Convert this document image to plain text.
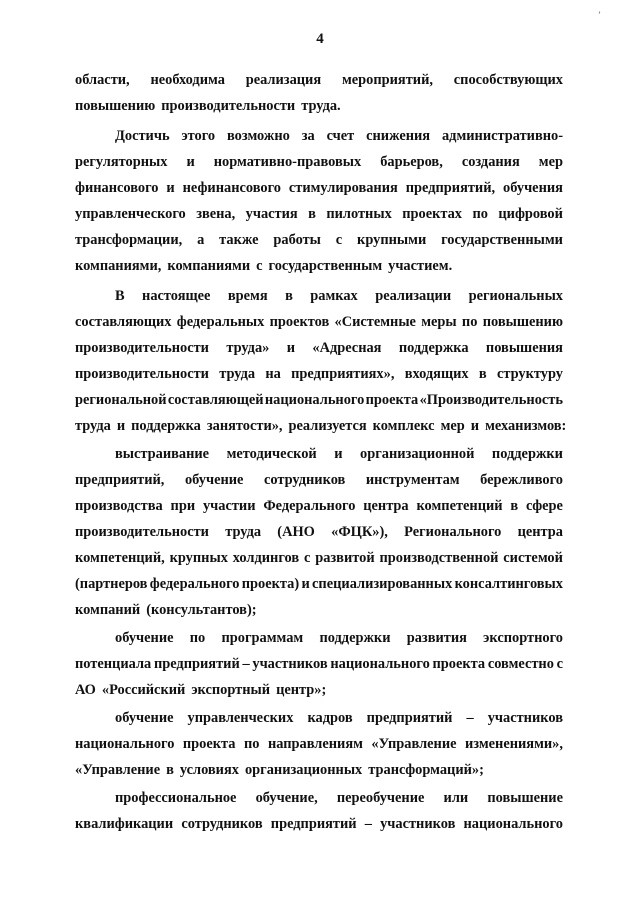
’
4
области, необходима реализация мероприятий, способствующих
повышению производительности труда.
Достичь этого возможно за счет снижения административно-
регуляторных и нормативно-правовых барьеров, создания мер
финансового и нефинансового стимулирования предприятий, обучения
управленческого звена, участия в пилотных проектах по цифровой
трансформации, а также работы с крупными государственными
компаниями, компаниями с государственным участием.
В настоящее время в рамках реализации региональных
составляющих федеральных проектов «Системные меры по повышению
производительности труда» и «Адресная поддержка повышения
производительности труда на предприятиях», входящих в структуру
региональной составляющей национального проекта «Производительность
труда и поддержка занятости», реализуется комплекс мер и механизмов:
выстраивание методической и организационной поддержки
предприятий, обучение сотрудников инструментам бережливого
производства при участии Федерального центра компетенций в сфере
производительности труда (АНО «ФЦК»), Регионального центра
компетенций, крупных холдингов с развитой производственной системой
(партнеров федерального проекта) и специализированных консалтинговых
компаний (консультантов);
обучение по программам поддержки развития экспортного
потенциала предприятий – участников национального проекта совместно с
АО «Российский экспортный центр»;
обучение управленческих кадров предприятий – участников
национального проекта по направлениям «Управление изменениями»,
«Управление в условиях организационных трансформаций»;
профессиональное обучение, переобучение или повышение
квалификации сотрудников предприятий – участников национального
